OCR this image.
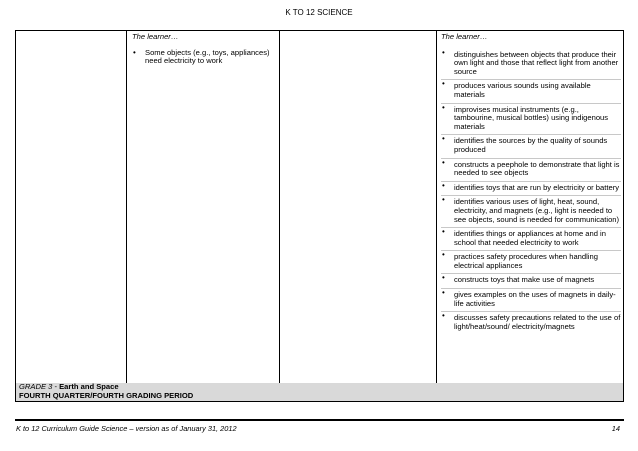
K TO 12 SCIENCE
The learner…
• Some objects (e.g., toys, appliances) need electricity to work
The learner…
• distinguishes between objects that produce their own light and those that reflect light from another source
• produces various sounds using available materials
• improvises musical instruments (e.g., tambourine, musical bottles) using indigenous materials
• identifies the sources by the quality of sounds produced
• constructs a peephole to demonstrate that light is needed to see objects
• identifies toys that are run by electricity or battery
• identifies various uses of light, heat, sound, electricity, and magnets (e.g., light is needed to see objects, sound is needed for communication)
• identifies things or appliances at home and in school that needed electricity to work
• practices safety procedures when handling electrical appliances
• constructs toys that make use of magnets
• gives examples on the uses of magnets in daily-life activities
• discusses safety precautions related to the use of light/heat/sound/ electricity/magnets
GRADE 3 - Earth and Space
FOURTH QUARTER/FOURTH GRADING PERIOD
K to 12 Curriculum Guide Science – version as of January 31, 2012	14
